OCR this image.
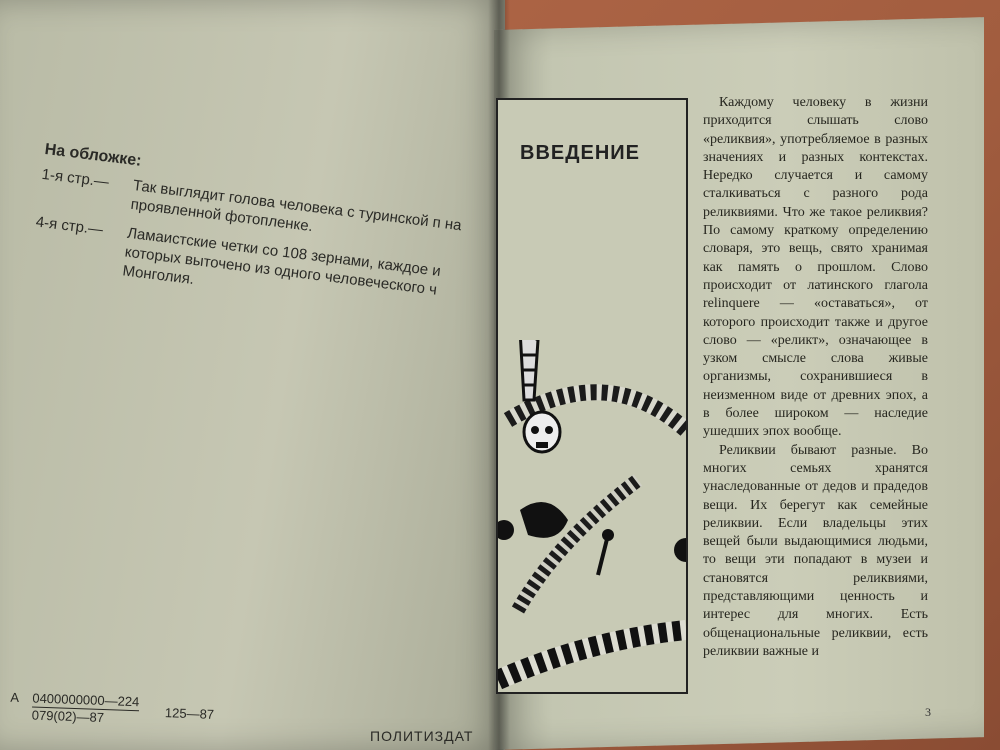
На обложке:
1-я стр.—	Так выглядит голова человека с туринской п на проявленной фотопленке.
4-я стр.—	Ламаистские четки со 108 зернами, каждое и которых выточено из одного человеческого ч Монголия.
А $\frac{0400000000—224}{079(02)—87}$ 125—87
ПОЛИТИЗДАТ
ВВЕДЕНИЕ

Каждому человеку в жизни приходится слышать слово «реликвия», употребляемое в разных значениях и разных контекстах. Нередко случается и самому сталкиваться с разного рода реликвиями. Что же такое реликвия? По самому краткому определению словаря, это вещь, свято хранимая как память о прошлом. Слово происходит от латинского глагола relinquere — «оставаться», от которого происходит также и другое слово — «реликт», означающее в узком смысле слова живые организмы, сохранившиеся в неизменном виде от древних эпох, а в более широком — наследие ушедших эпох вообще.

Реликвии бывают разные. Во многих семьях хранятся унаследованные от дедов и прадедов вещи. Их берегут как семейные реликвии. Если владельцы этих вещей были выдающимися людьми, то вещи эти попадают в музеи и становятся реликвиями, представляющими ценность и интерес для многих. Есть общенациональные реликвии, есть реликвии важные и

3
